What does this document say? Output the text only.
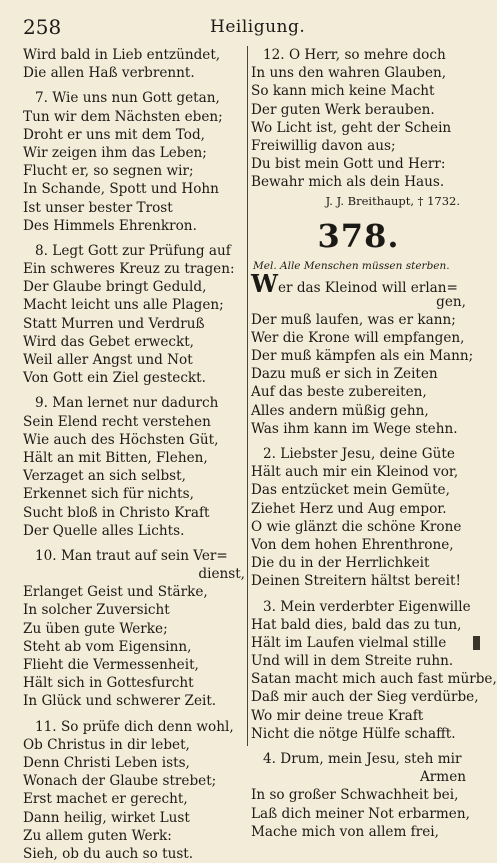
258	Heiligung.
Wird bald in Lieb entzündet,
Die allen Haß verbrennt.
7. Wie uns nun Gott getan,
Tun wir dem Nächsten eben;
Droht er uns mit dem Tod,
Wir zeigen ihm das Leben;
Flucht er, so segnen wir;
In Schande, Spott und Hohn
Ist unser bester Trost
Des Himmels Ehrenkron.
8. Legt Gott zur Prüfung auf
Ein schweres Kreuz zu tragen:
Der Glaube bringt Geduld,
Macht leicht uns alle Plagen;
Statt Murren und Verdruß
Wird das Gebet erweckt,
Weil aller Angst und Not
Von Gott ein Ziel gesteckt.
9. Man lernet nur dadurch
Sein Elend recht verstehen
Wie auch des Höchsten Güt,
Hält an mit Bitten, Flehen,
Verzaget an sich selbst,
Erkennet sich für nichts,
Sucht bloß in Christo Kraft
Der Quelle alles Lichts.
10. Man traut auf sein Ver=
dienst,
Erlanget Geist und Stärke,
In solcher Zuversicht
Zu üben gute Werke;
Steht ab vom Eigensinn,
Flieht die Vermessenheit,
Hält sich in Gottesfurcht
In Glück und schwerer Zeit.
11. So prüfe dich denn wohl,
Ob Christus in dir lebet,
Denn Christi Leben ists,
Wonach der Glaube strebet;
Erst machet er gerecht,
Dann heilig, wirket Lust
Zu allem guten Werk:
Sieh, ob du auch so tust.
12. O Herr, so mehre doch
In uns den wahren Glauben,
So kann mich keine Macht
Der guten Werk berauben.
Wo Licht ist, geht der Schein
Freiwillig davon aus;
Du bist mein Gott und Herr:
Bewahr mich als dein Haus.
J. J. Breithaupt, † 1732.
378.
Mel. Alle Menschen müssen sterben.
Wer das Kleinod will erlan=
gen,
Der muß laufen, was er kann;
Wer die Krone will empfangen,
Der muß kämpfen als ein Mann;
Dazu muß er sich in Zeiten
Auf das beste zubereiten,
Alles andern müßig gehn,
Was ihm kann im Wege stehn.
2. Liebster Jesu, deine Güte
Hält auch mir ein Kleinod vor,
Das entzücket mein Gemüte,
Ziehet Herz und Aug empor.
O wie glänzt die schöne Krone
Von dem hohen Ehrenthrone,
Die du in der Herrlichkeit
Deinen Streitern hältst bereit!
3. Mein verderbter Eigenwille
Hat bald dies, bald das zu tun,
Hält im Laufen vielmal stille
Und will in dem Streite ruhn.
Satan macht mich auch fast mürbe,
Daß mir auch der Sieg verdürbe,
Wo mir deine treue Kraft
Nicht die nötge Hülfe schafft.
4. Drum, mein Jesu, steh mir
Armen
In so großer Schwachheit bei,
Laß dich meiner Not erbarmen,
Mache mich von allem frei,
